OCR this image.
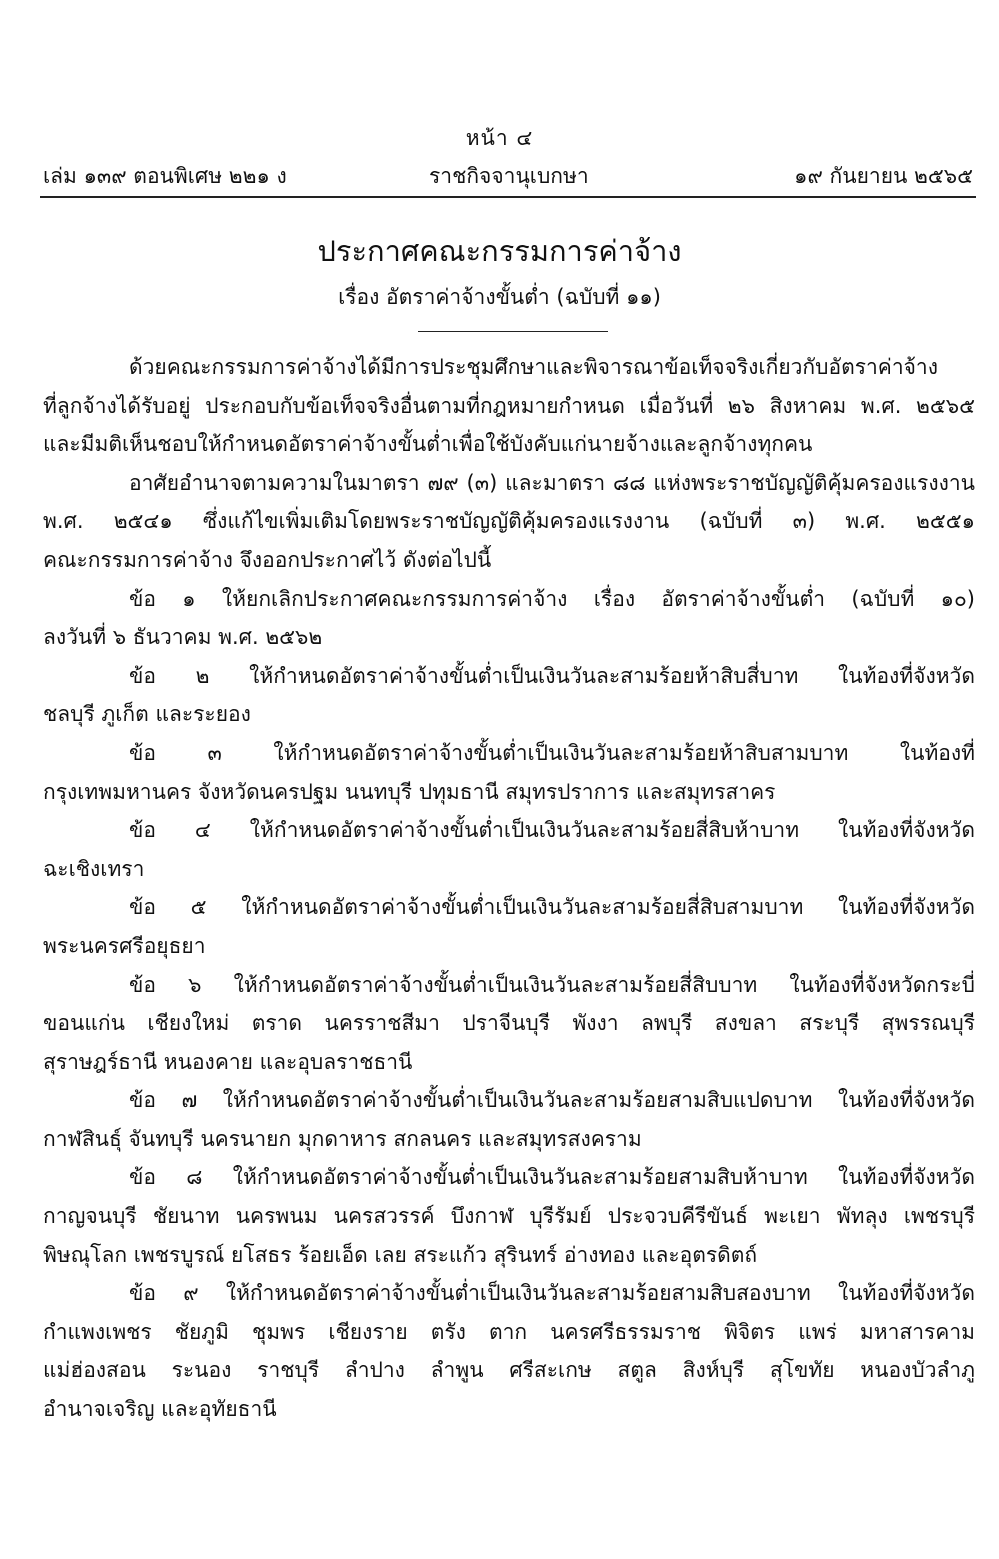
หน้า ๔
เล่ม ๑๓๙ ตอนพิเศษ ๒๒๑ ง	ราชกิจจานุเบกษา	๑๙ กันยายน ๒๕๖๕
ประกาศคณะกรรมการค่าจ้าง
เรื่อง อัตราค่าจ้างขั้นต่ำ (ฉบับที่ ๑๑)
ด้วยคณะกรรมการค่าจ้างได้มีการประชุมศึกษาและพิจารณาข้อเท็จจริงเกี่ยวกับอัตราค่าจ้าง
ที่ลูกจ้างได้รับอยู่ ประกอบกับข้อเท็จจริงอื่นตามที่กฎหมายกำหนด เมื่อวันที่ ๒๖ สิงหาคม พ.ศ. ๒๕๖๕
และมีมติเห็นชอบให้กำหนดอัตราค่าจ้างขั้นต่ำเพื่อใช้บังคับแก่นายจ้างและลูกจ้างทุกคน
อาศัยอำนาจตามความในมาตรา ๗๙ (๓) และมาตรา ๘๘ แห่งพระราชบัญญัติคุ้มครองแรงงาน
พ.ศ. ๒๕๔๑ ซึ่งแก้ไขเพิ่มเติมโดยพระราชบัญญัติคุ้มครองแรงงาน (ฉบับที่ ๓) พ.ศ. ๒๕๕๑
คณะกรรมการค่าจ้าง จึงออกประกาศไว้ ดังต่อไปนี้
ข้อ ๑ ให้ยกเลิกประกาศคณะกรรมการค่าจ้าง เรื่อง อัตราค่าจ้างขั้นต่ำ (ฉบับที่ ๑๐)
ลงวันที่ ๖ ธันวาคม พ.ศ. ๒๕๖๒
ข้อ ๒ ให้กำหนดอัตราค่าจ้างขั้นต่ำเป็นเงินวันละสามร้อยห้าสิบสี่บาท ในท้องที่จังหวัด
ชลบุรี ภูเก็ต และระยอง
ข้อ ๓ ให้กำหนดอัตราค่าจ้างขั้นต่ำเป็นเงินวันละสามร้อยห้าสิบสามบาท ในท้องที่
กรุงเทพมหานคร จังหวัดนครปฐม นนทบุรี ปทุมธานี สมุทรปราการ และสมุทรสาคร
ข้อ ๔ ให้กำหนดอัตราค่าจ้างขั้นต่ำเป็นเงินวันละสามร้อยสี่สิบห้าบาท ในท้องที่จังหวัด
ฉะเชิงเทรา
ข้อ ๕ ให้กำหนดอัตราค่าจ้างขั้นต่ำเป็นเงินวันละสามร้อยสี่สิบสามบาท ในท้องที่จังหวัด
พระนครศรีอยุธยา
ข้อ ๖ ให้กำหนดอัตราค่าจ้างขั้นต่ำเป็นเงินวันละสามร้อยสี่สิบบาท ในท้องที่จังหวัดกระบี่
ขอนแก่น เชียงใหม่ ตราด นครราชสีมา ปราจีนบุรี พังงา ลพบุรี สงขลา สระบุรี สุพรรณบุรี
สุราษฎร์ธานี หนองคาย และอุบลราชธานี
ข้อ ๗ ให้กำหนดอัตราค่าจ้างขั้นต่ำเป็นเงินวันละสามร้อยสามสิบแปดบาท ในท้องที่จังหวัด
กาฬสินธุ์ จันทบุรี นครนายก มุกดาหาร สกลนคร และสมุทรสงคราม
ข้อ ๘ ให้กำหนดอัตราค่าจ้างขั้นต่ำเป็นเงินวันละสามร้อยสามสิบห้าบาท ในท้องที่จังหวัด
กาญจนบุรี ชัยนาท นครพนม นครสวรรค์ บึงกาฬ บุรีรัมย์ ประจวบคีรีขันธ์ พะเยา พัทลุง เพชรบุรี
พิษณุโลก เพชรบูรณ์ ยโสธร ร้อยเอ็ด เลย สระแก้ว สุรินทร์ อ่างทอง และอุตรดิตถ์
ข้อ ๙ ให้กำหนดอัตราค่าจ้างขั้นต่ำเป็นเงินวันละสามร้อยสามสิบสองบาท ในท้องที่จังหวัด
กำแพงเพชร ชัยภูมิ ชุมพร เชียงราย ตรัง ตาก นครศรีธรรมราช พิจิตร แพร่ มหาสารคาม
แม่ฮ่องสอน ระนอง ราชบุรี ลำปาง ลำพูน ศรีสะเกษ สตูล สิงห์บุรี สุโขทัย หนองบัวลำภู
อำนาจเจริญ และอุทัยธานี
